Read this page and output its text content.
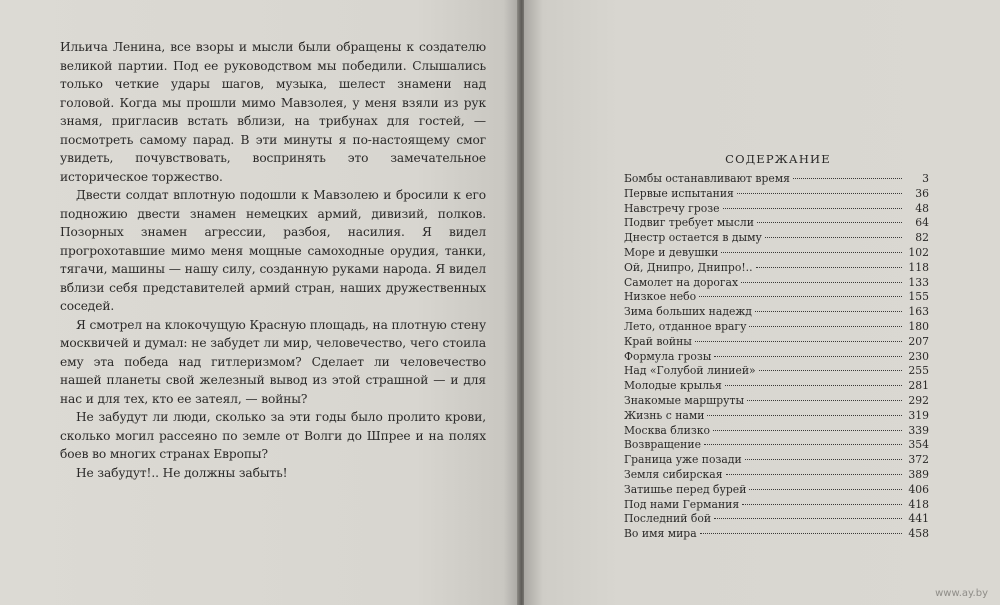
Ильича Ленина, все взоры и мысли были обращены к создателю великой партии. Под ее руководством мы победили. Слышались только четкие удары шагов, музыка, шелест знамени над головой. Когда мы прошли мимо Мавзолея, у меня взяли из рук знамя, пригласив встать вблизи, на трибунах для гостей, — посмотреть самому парад. В эти минуты я по-настоящему смог увидеть, почувствовать, воспринять это замечательное историческое торжество.

Двести солдат вплотную подошли к Мавзолею и бросили к его подножию двести знамен немецких армий, дивизий, полков. Позорных знамен агрессии, разбоя, насилия. Я видел прогрохотавшие мимо меня мощные самоходные орудия, танки, тягачи, машины — нашу силу, созданную руками народа. Я видел вблизи себя представителей армий стран, наших дружественных соседей.

Я смотрел на клокочущую Красную площадь, на плотную стену москвичей и думал: не забудет ли мир, человечество, чего стоила ему эта победа над гитлеризмом? Сделает ли человечество нашей планеты свой железный вывод из этой страшной — и для нас и для тех, кто ее затеял, — войны?

Не забудут ли люди, сколько за эти годы было пролито крови, сколько могил рассеяно по земле от Волги до Шпрее и на полях боев во многих странах Европы?

Не забудут!.. Не должны забыть!

СОДЕРЖАНИЕ
Бомбы останавливают время	3
Первые испытания	36
Навстречу грозе	48
Подвиг требует мысли	64
Днестр остается в дыму	82
Море и девушки	102
Ой, Днипро, Днипро!..	118
Самолет на дорогах	133
Низкое небо	155
Зима больших надежд	163
Лето, отданное врагу	180
Край войны	207
Формула грозы	230
Над «Голубой линией»	255
Молодые крылья	281
Знакомые маршруты	292
Жизнь с нами	319
Москва близко	339
Возвращение	354
Граница уже позади	372
Земля сибирская	389
Затишье перед бурей	406
Под нами Германия	418
Последний бой	441
Во имя мира	458
www.ay.by
